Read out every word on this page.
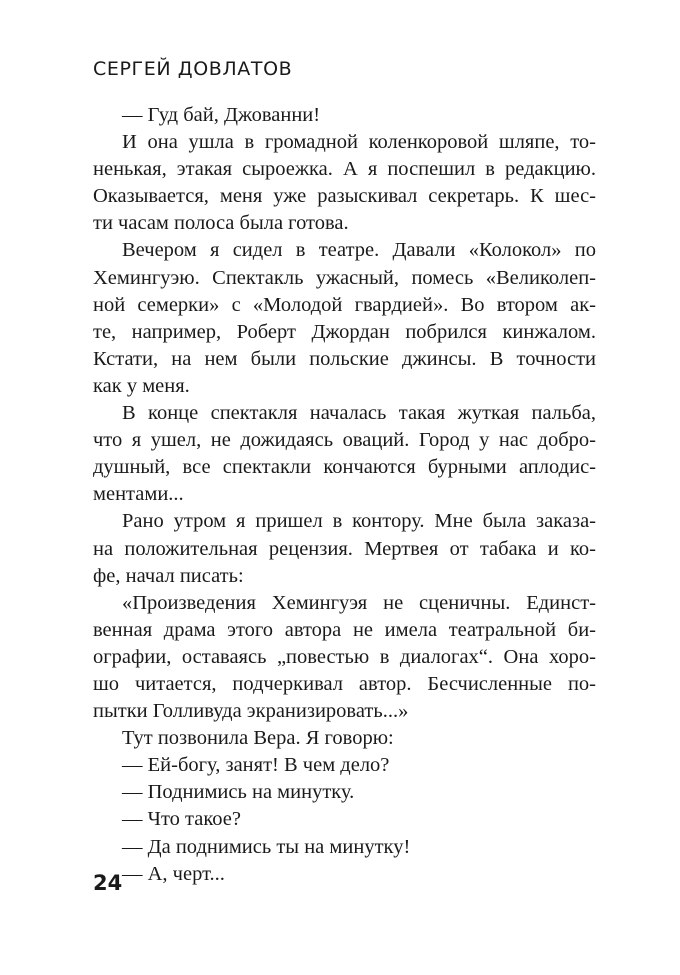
СЕРГЕЙ ДОВЛАТОВ
— Гуд бай, Джованни!
И она ушла в громадной коленкоровой шляпе, то-
ненькая, этакая сыроежка. А я поспешил в редакцию.
Оказывается, меня уже разыскивал секретарь. К шес-
ти часам полоса была готова.
Вечером я сидел в театре. Давали «Колокол» по
Хемингуэю. Спектакль ужасный, помесь «Великолеп-
ной семерки» с «Молодой гвардией». Во втором ак-
те, например, Роберт Джордан побрился кинжалом.
Кстати, на нем были польские джинсы. В точности
как у меня.
В конце спектакля началась такая жуткая пальба,
что я ушел, не дожидаясь оваций. Город у нас добро-
душный, все спектакли кончаются бурными аплодис-
ментами...
Рано утром я пришел в контору. Мне была заказа-
на положительная рецензия. Мертвея от табака и ко-
фе, начал писать:
«Произведения Хемингуэя не сценичны. Единст-
венная драма этого автора не имела театральной би-
ографии, оставаясь „повестью в диалогах“. Она хоро-
шо читается, подчеркивал автор. Бесчисленные по-
пытки Голливуда экранизировать...»
Тут позвонила Вера. Я говорю:
— Ей-богу, занят! В чем дело?
— Поднимись на минутку.
— Что такое?
— Да поднимись ты на минутку!
— А, черт...
24
